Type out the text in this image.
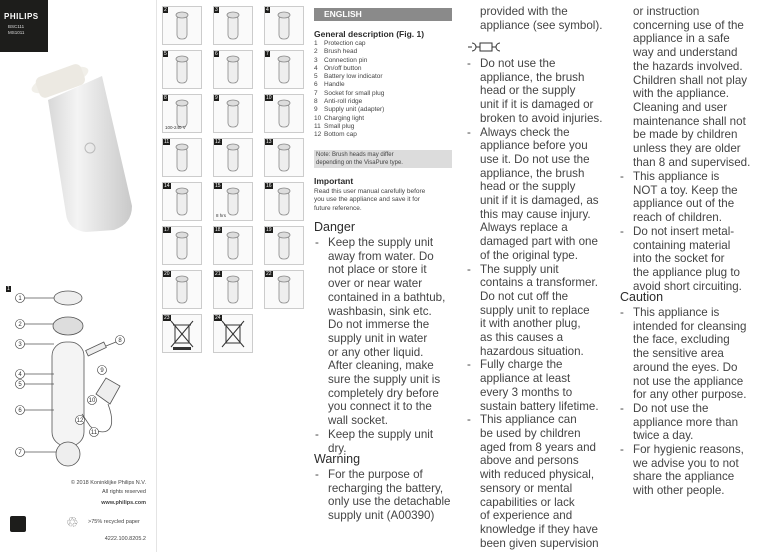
PHILIPS
BSC111
MS1011
1
1
2
3
4
5
6
7
8
9
10
11
12
© 2018 Koninklijke Philips N.V.
All rights reserved
www.philips.com
♲ >75% recycled paper
4222.100.8205.2
2	3	4
5	6	7
8
100-240 V
9	10
11	12	13
14	15
8 hrs
16
17	18	19
20	21	22
23	24
ENGLISH
General description (Fig. 1)
1 Protection cap
2 Brush head
3 Connection pin
4 On/off button
5 Battery low indicator
6 Handle
7 Socket for small plug
8 Anti-roll ridge
9 Supply unit (adapter)
10 Charging light
11 Small plug
12 Bottom cap
Note: Brush heads may differ
depending on the VisaPure type.
Important
Read this user manual carefully before
you use the appliance and save it for
future reference.
Danger
- Keep the supply unit
away from water. Do
not place or store it
over or near water
contained in a bathtub,
washbasin, sink etc.
Do not immerse the
supply unit in water
or any other liquid.
After cleaning, make
sure the supply unit is
completely dry before
you connect it to the
wall socket.
- Keep the supply unit
dry.
Warning
- For the purpose of
recharging the battery,
only use the detachable
supply unit (A00390)
provided with the
appliance (see symbol).
- Do not use the
appliance, the brush
head or the supply
unit if it is damaged or
broken to avoid injuries.
- Always check the
appliance before you
use it. Do not use the
appliance, the brush
head or the supply
unit if it is damaged, as
this may cause injury.
Always replace a
damaged part with one
of the original type.
- The supply unit
contains a transformer.
Do not cut off the
supply unit to replace
it with another plug,
as this causes a
hazardous situation.
- Fully charge the
appliance at least
every 3 months to
sustain battery lifetime.
- This appliance can
be used by children
aged from 8 years and
above and persons
with reduced physical,
sensory or mental
capabilities or lack
of experience and
knowledge if they have
been given supervision
or instruction
concerning use of the
appliance in a safe
way and understand
the hazards involved.
Children shall not play
with the appliance.
Cleaning and user
maintenance shall not
be made by children
unless they are older
than 8 and supervised.
- This appliance is
NOT a toy. Keep the
appliance out of the
reach of children.
- Do not insert metal-
containing material
into the socket for
the appliance plug to
avoid short circuiting.
Caution
- This appliance is
intended for cleansing
the face, excluding
the sensitive area
around the eyes. Do
not use the appliance
for any other purpose.
- Do not use the
appliance more than
twice a day.
- For hygienic reasons,
we advise you to not
share the appliance
with other people.
